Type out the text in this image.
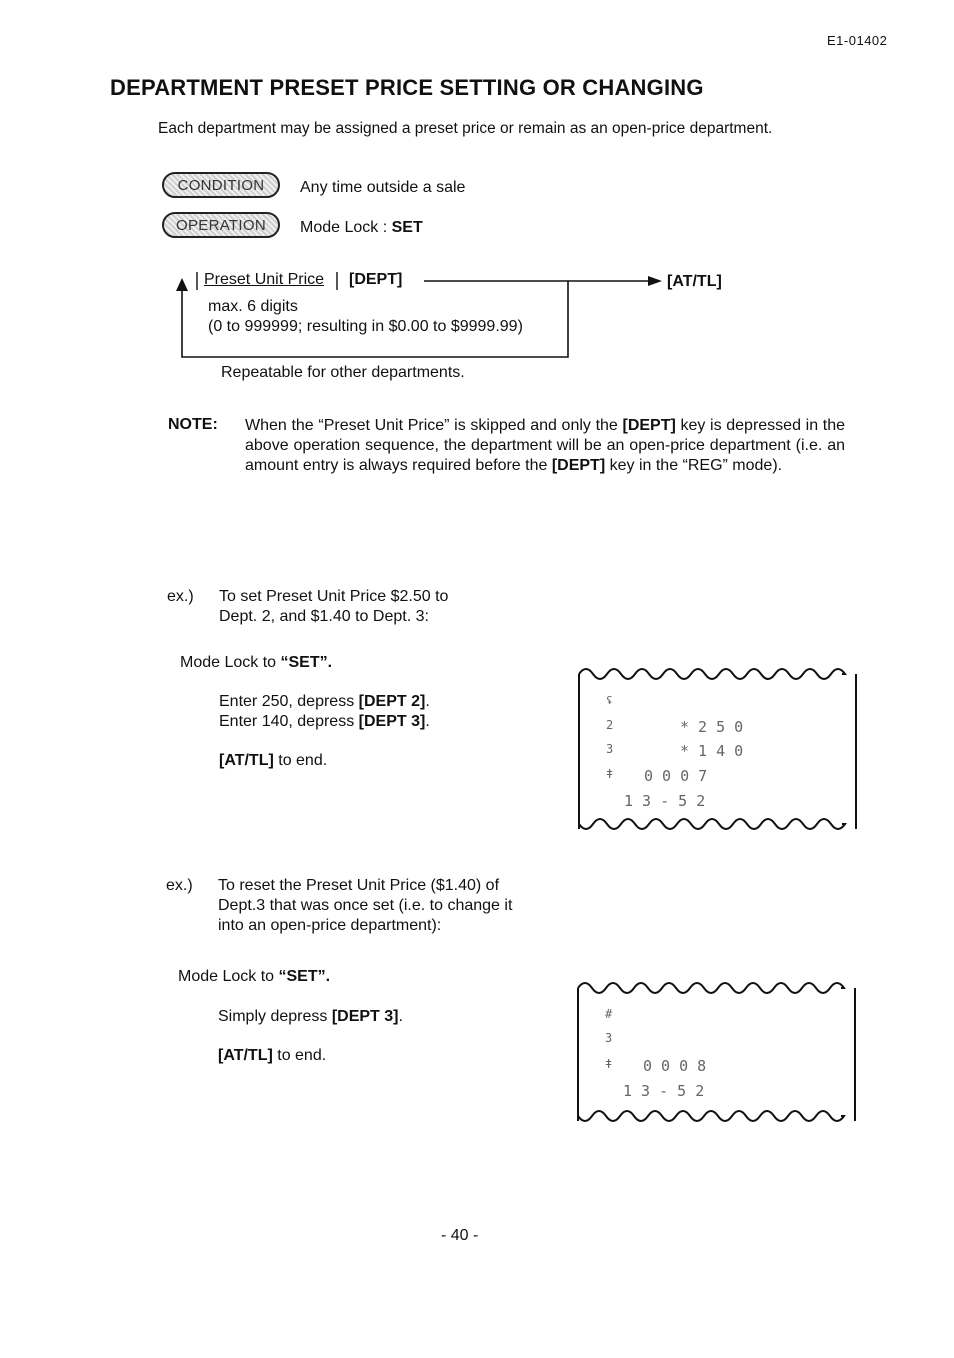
E1-01402
DEPARTMENT PRESET PRICE SETTING OR CHANGING
Each department may be assigned a preset price or remain as an open-price department.
CONDITION	Any time outside a sale
OPERATION	Mode Lock : SET
Preset Unit Price [DEPT]	[AT/TL]
max. 6 digits
(0 to 999999; resulting in $0.00 to $9999.99)
Repeatable for other departments.
NOTE: When the “Preset Unit Price” is skipped and only the [DEPT] key is depressed in the above operation sequence, the department will be an open-price department (i.e. an amount entry is always required before the [DEPT] key in the “REG” mode).
ex.) To set Preset Unit Price $2.50 to
Dept. 2, and $1.40 to Dept. 3:
Mode Lock to “SET”.
Enter 250, depress [DEPT 2].
Enter 140, depress [DEPT 3].
[AT/TL] to end.
ʢ
2	* 2 5 0
3	* 1 4 0
ǂ 0 0 0 7
1 3 - 5 2
ex.) To reset the Preset Unit Price ($1.40) of
Dept.3 that was once set (i.e. to change it
into an open-price department):
Mode Lock to “SET”.
Simply depress [DEPT 3].
[AT/TL] to end.
#
3
ǂ 0 0 0 8
1 3 - 5 2
- 40 -
